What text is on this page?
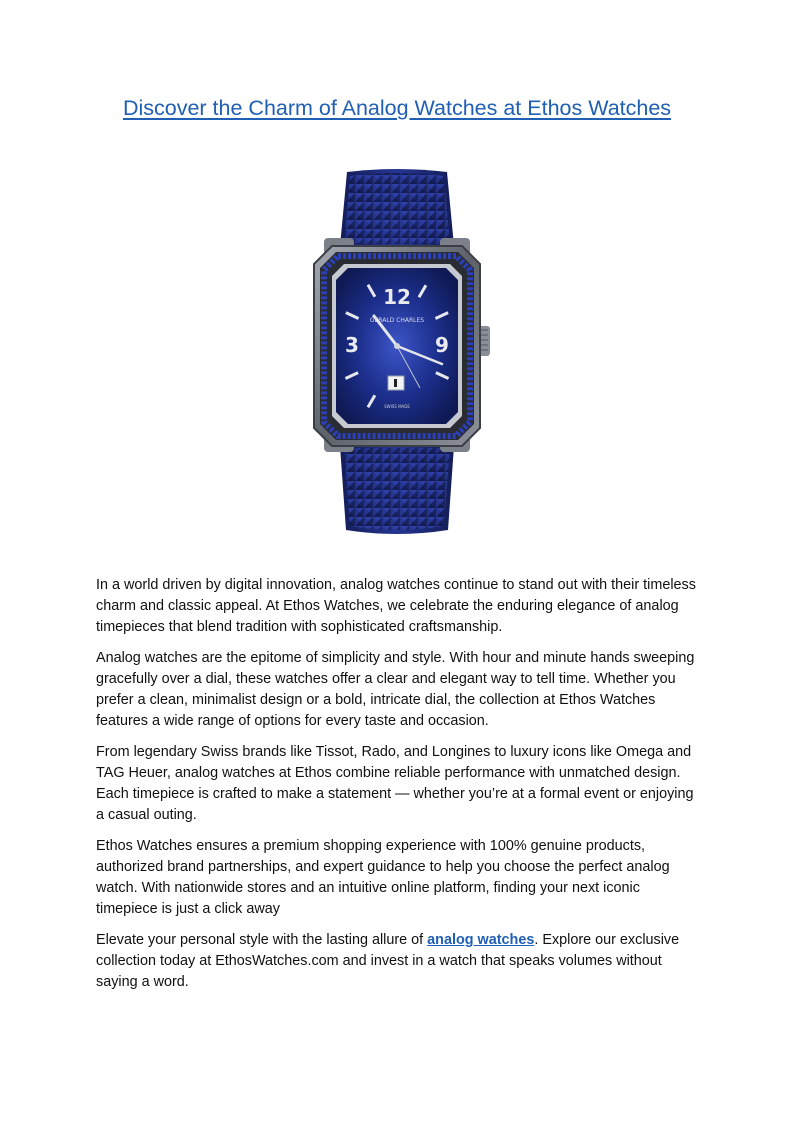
Discover the Charm of Analog Watches at Ethos Watches
12
3	9
GERALD CHARLES
SWISS MADE

In a world driven by digital innovation, analog watches continue to stand out with their timeless charm and classic appeal. At Ethos Watches, we celebrate the enduring elegance of analog timepieces that blend tradition with sophisticated craftsmanship.

Analog watches are the epitome of simplicity and style. With hour and minute hands sweeping gracefully over a dial, these watches offer a clear and elegant way to tell time. Whether you prefer a clean, minimalist design or a bold, intricate dial, the collection at Ethos Watches features a wide range of options for every taste and occasion.

From legendary Swiss brands like Tissot, Rado, and Longines to luxury icons like Omega and TAG Heuer, analog watches at Ethos combine reliable performance with unmatched design. Each timepiece is crafted to make a statement — whether you’re at a formal event or enjoying a casual outing.

Ethos Watches ensures a premium shopping experience with 100% genuine products, authorized brand partnerships, and expert guidance to help you choose the perfect analog watch. With nationwide stores and an intuitive online platform, finding your next iconic timepiece is just a click away

Elevate your personal style with the lasting allure of analog watches. Explore our exclusive collection today at EthosWatches.com and invest in a watch that speaks volumes without saying a word.
